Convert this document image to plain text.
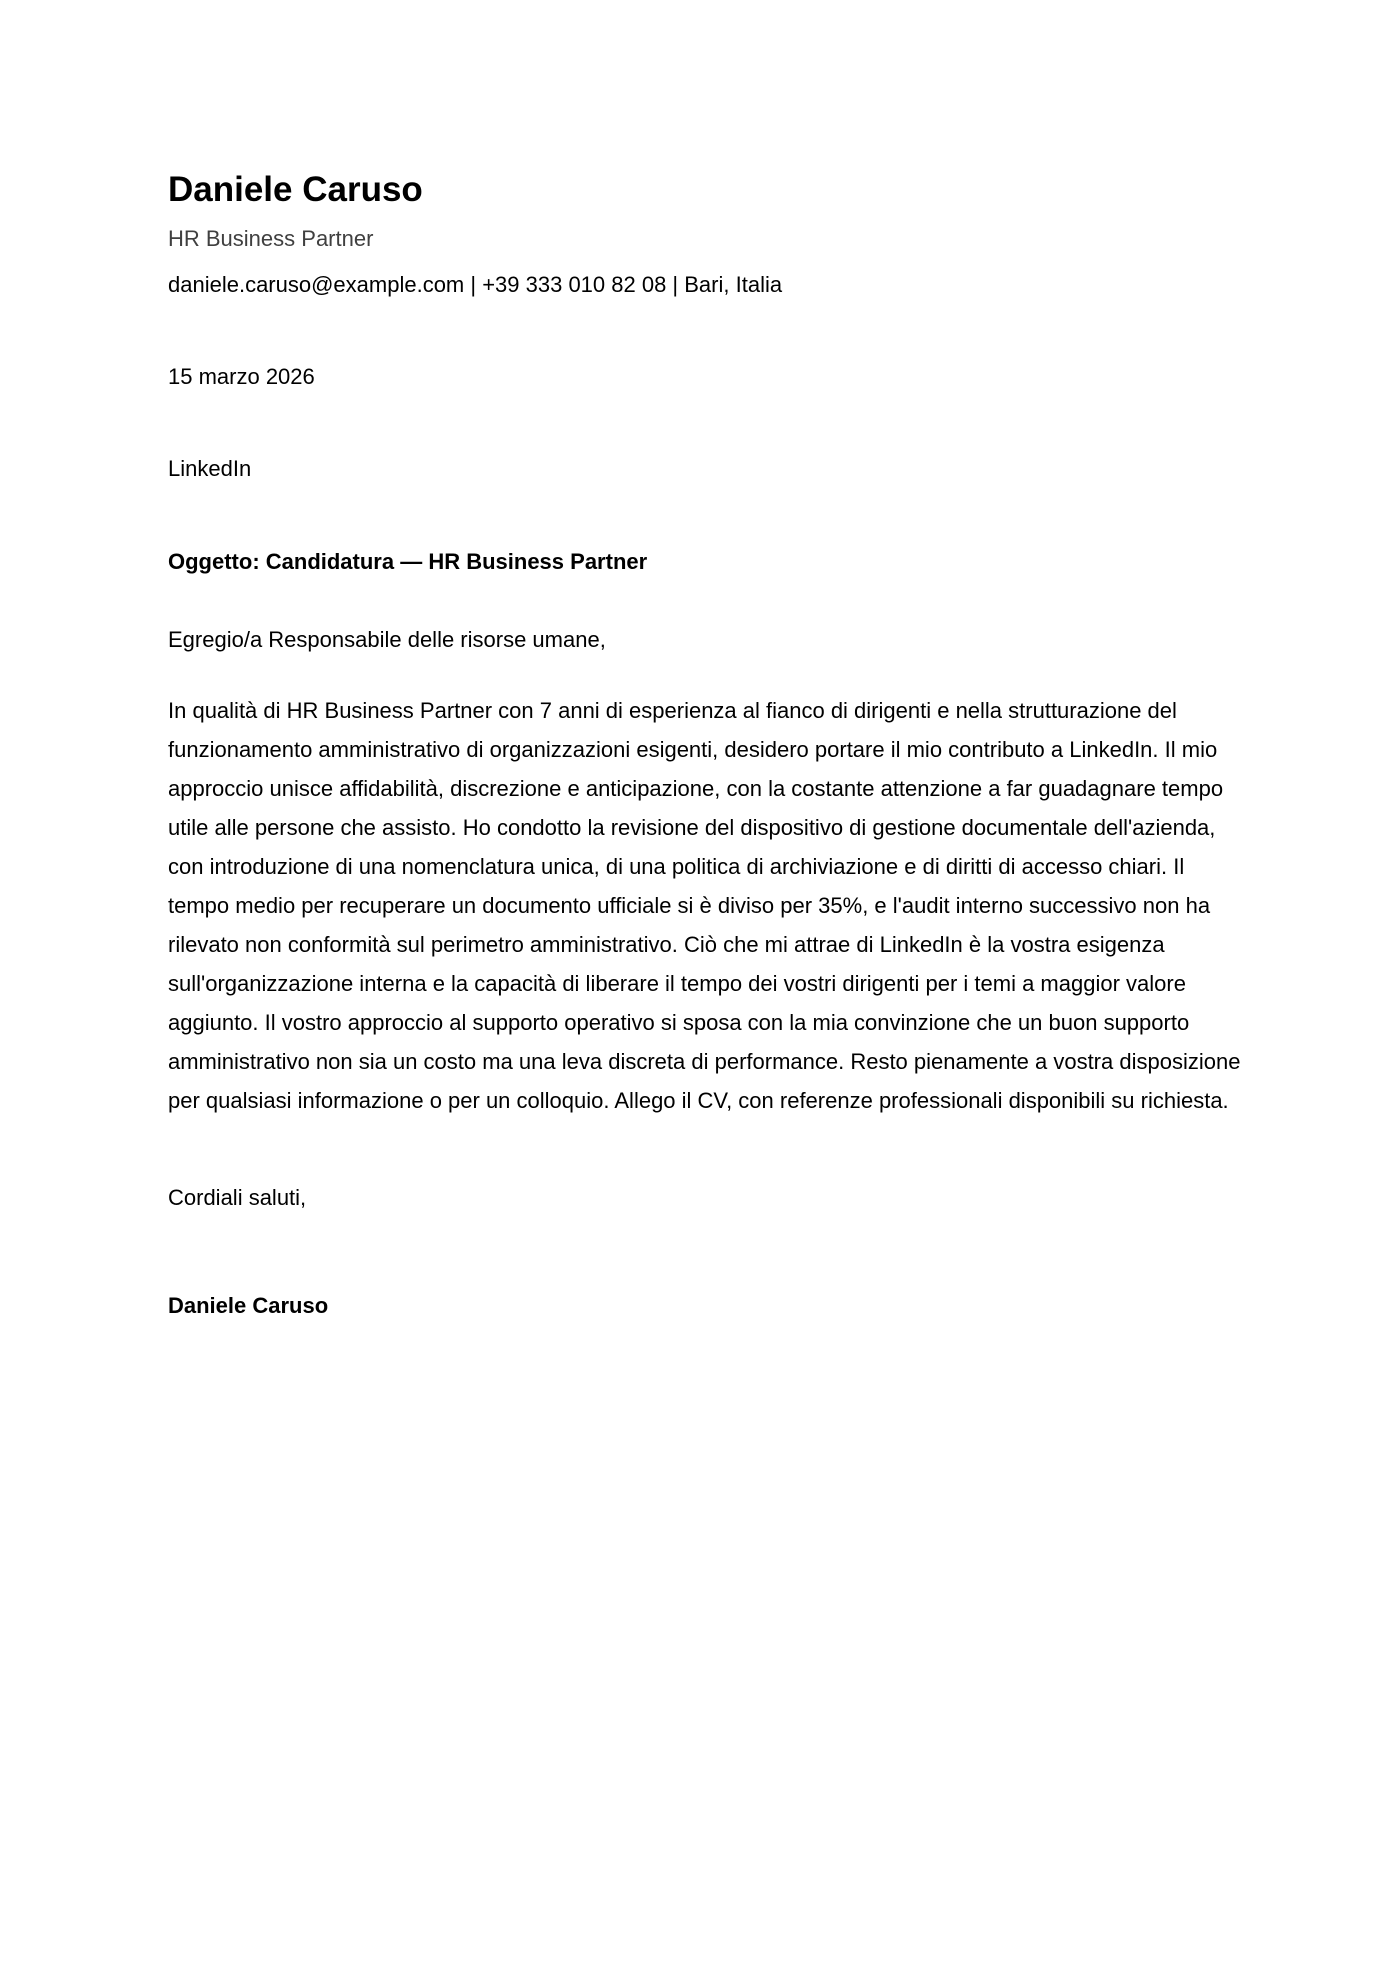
Daniele Caruso
HR Business Partner
daniele.caruso@example.com | +39 333 010 82 08 | Bari, Italia
15 marzo 2026
LinkedIn
Oggetto: Candidatura — HR Business Partner
Egregio/a Responsabile delle risorse umane,

In qualità di HR Business Partner con 7 anni di esperienza al fianco di dirigenti e nella strutturazione del funzionamento amministrativo di organizzazioni esigenti, desidero portare il mio contributo a LinkedIn. Il mio approccio unisce affidabilità, discrezione e anticipazione, con la costante attenzione a far guadagnare tempo utile alle persone che assisto. Ho condotto la revisione del dispositivo di gestione documentale dell'azienda, con introduzione di una nomenclatura unica, di una politica di archiviazione e di diritti di accesso chiari. Il tempo medio per recuperare un documento ufficiale si è diviso per 35%, e l'audit interno successivo non ha rilevato non conformità sul perimetro amministrativo. Ciò che mi attrae di LinkedIn è la vostra esigenza sull'organizzazione interna e la capacità di liberare il tempo dei vostri dirigenti per i temi a maggior valore aggiunto. Il vostro approccio al supporto operativo si sposa con la mia convinzione che un buon supporto amministrativo non sia un costo ma una leva discreta di performance. Resto pienamente a vostra disposizione per qualsiasi informazione o per un colloquio. Allego il CV, con referenze professionali disponibili su richiesta.

Cordiali saluti,
Daniele Caruso
